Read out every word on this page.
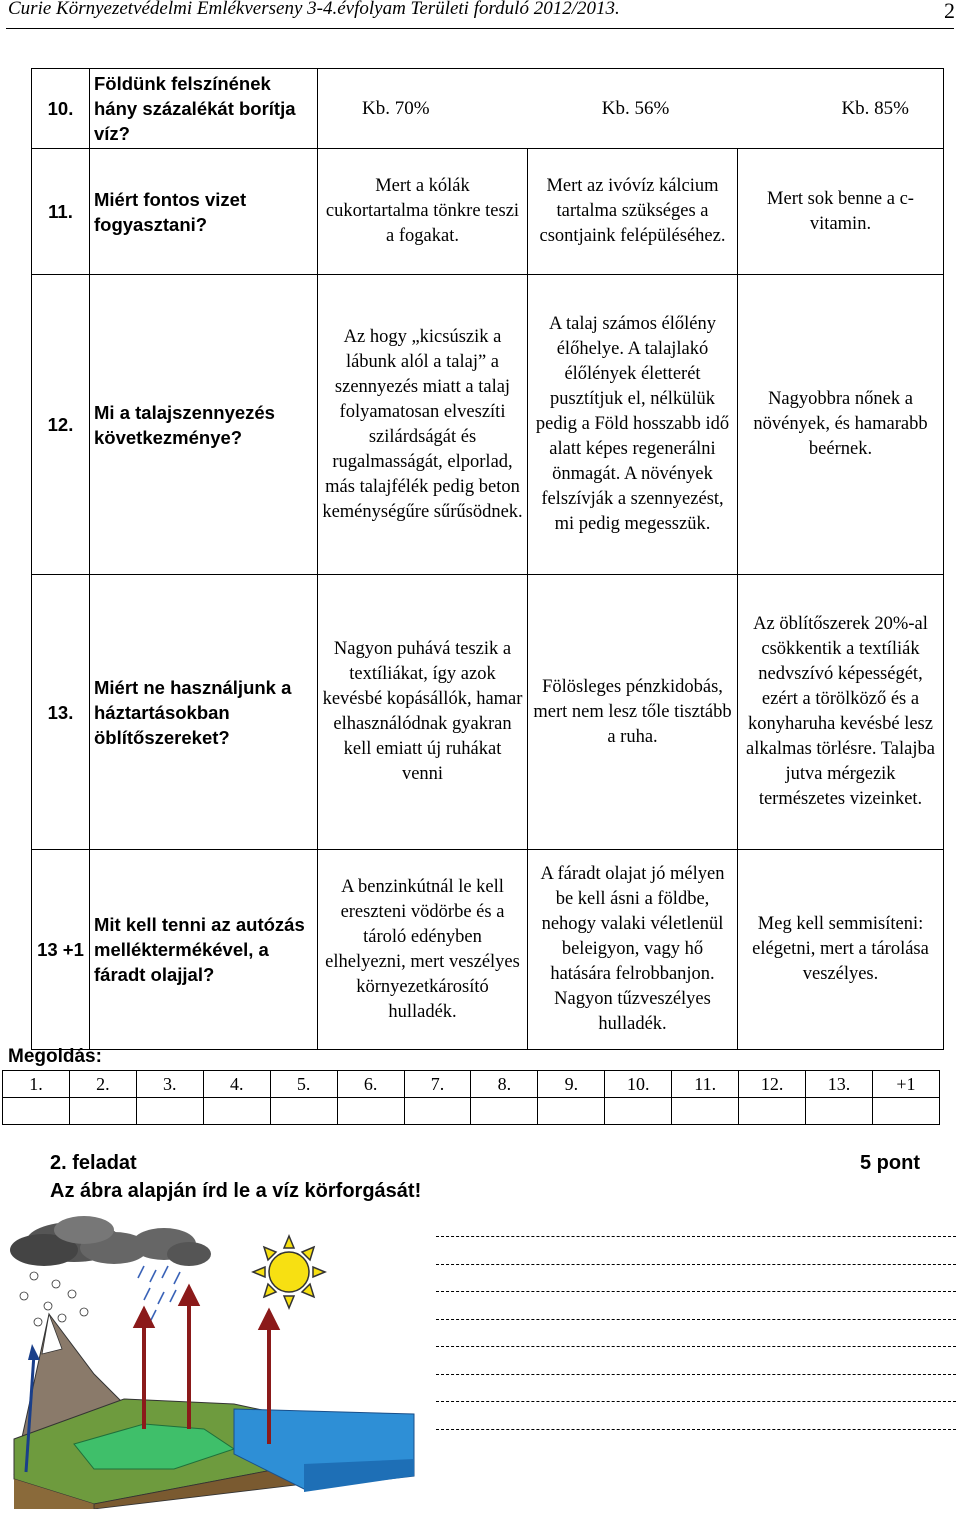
Curie Környezetvédelmi Emlékverseny 3-4.évfolyam Területi forduló 2012/2013.	2
10.	Földünk felszínének hány százalékát borítja víz?	Kb. 70% Kb. 56% Kb. 85%		

11.	Miért fontos vizet fogyasztani?	Mert a kólák cukortartalma tönkre teszi a fogakat.	Mert az ivóvíz kálcium tartalma szükséges a csontjaink felépüléséhez.	Mert sok benne a c-vitamin.
12.	Mi a talajszennyezés következménye?	Az hogy „kicsúszik a lábunk alól a talaj” a szennyezés miatt a talaj folyamatosan elveszíti szilárdságát és rugalmasságát, elporlad, más talajfélék pedig beton keménységűre sűrűsödnek.	A talaj számos élőlény élőhelye. A talajlakó élőlények életterét pusztítjuk el, nélkülük pedig a Föld hosszabb idő alatt képes regenerálni önmagát. A növények felszívják a szennyezést, mi pedig megesszük.	Nagyobbra nőnek a növények, és hamarabb beérnek.
13.	Miért ne használjunk a háztartásokban öblítőszereket?	Nagyon puhává teszik a textíliákat, így azok kevésbé kopásállók, hamar elhasználódnak gyakran kell emiatt új ruhákat venni	Fölösleges pénzkidobás, mert nem lesz tőle tisztább a ruha.	Az öblítőszerek 20%-al csökkentik a textíliák nedvszívó képességét, ezért a törölköző és a konyharuha kevésbé lesz alkalmas törlésre. Talajba jutva mérgezik természetes vizeinket.
13 +1	Mit kell tenni az autózás melléktermékével, a fáradt olajjal?	A benzinkútnál le kell ereszteni vödörbe és a tároló edényben elhelyezni, mert veszélyes környezetkárosító hulladék.	A fáradt olajat jó mélyen be kell ásni a földbe, nehogy valaki véletlenül beleigyon, vagy hő hatására felrobbanjon. Nagyon tűzveszélyes hulladék.	Meg kell semmisíteni: elégetni, mert a tárolása veszélyes.
Megoldás:
1.	2.	3.	4.	5.	6.	7.	8.	9.	10.	11.	12.	13.	+1

2. feladat	5 pont
Az ábra alapján írd le a víz körforgását!
